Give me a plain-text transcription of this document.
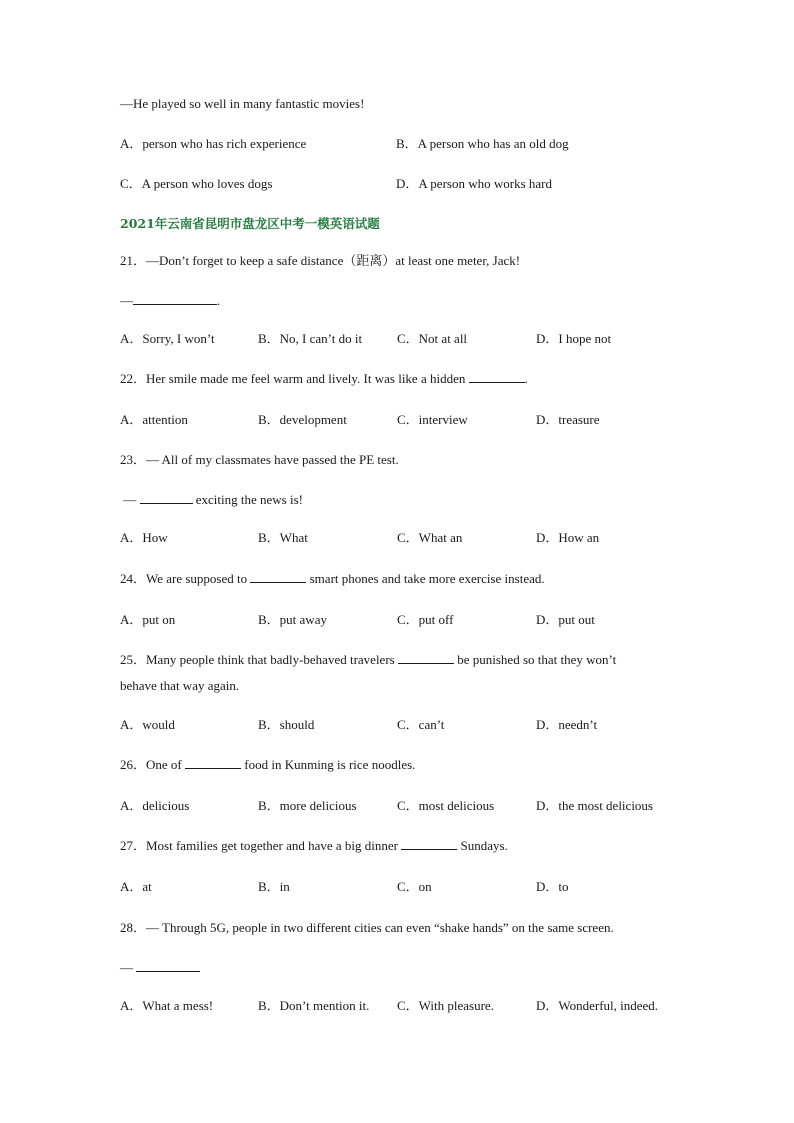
—He played so well in many fantastic movies!
A．person who has rich experience	B．A person who has an old dog
C．A person who loves dogs	D．A person who works hard
2021年云南省昆明市盘龙区中考一模英语试题
21．—Don’t forget to keep a safe distance（距离）at least one meter, Jack!
—	.
A．Sorry, I won’t	B．No, I can’t do it	C．Not at all	D．I hope not
22．Her smile made me feel warm and lively. It was like a hidden	.
A．attention	B．development	C．interview	D．treasure
23．— All of my classmates have passed the PE test.
—	exciting the news is!
A．How	B．What	C．What an	D．How an
24．We are supposed to	smart phones and take more exercise instead.
A．put on	B．put away	C．put off	D．put out
25．Many people think that badly-behaved travelers	be punished so that they won’t
behave that way again.
A．would	B．should	C．can’t	D．needn’t
26．One of	food in Kunming is rice noodles.
A．delicious	B．more delicious	C．most delicious	D．the most delicious
27．Most families get together and have a big dinner	Sundays.
A．at	B．in	C．on	D．to
28．— Through 5G, people in two different cities can even “shake hands” on the same screen.
—
A．What a mess!	B．Don’t mention it. C．With pleasure.	D．Wonderful, indeed.
